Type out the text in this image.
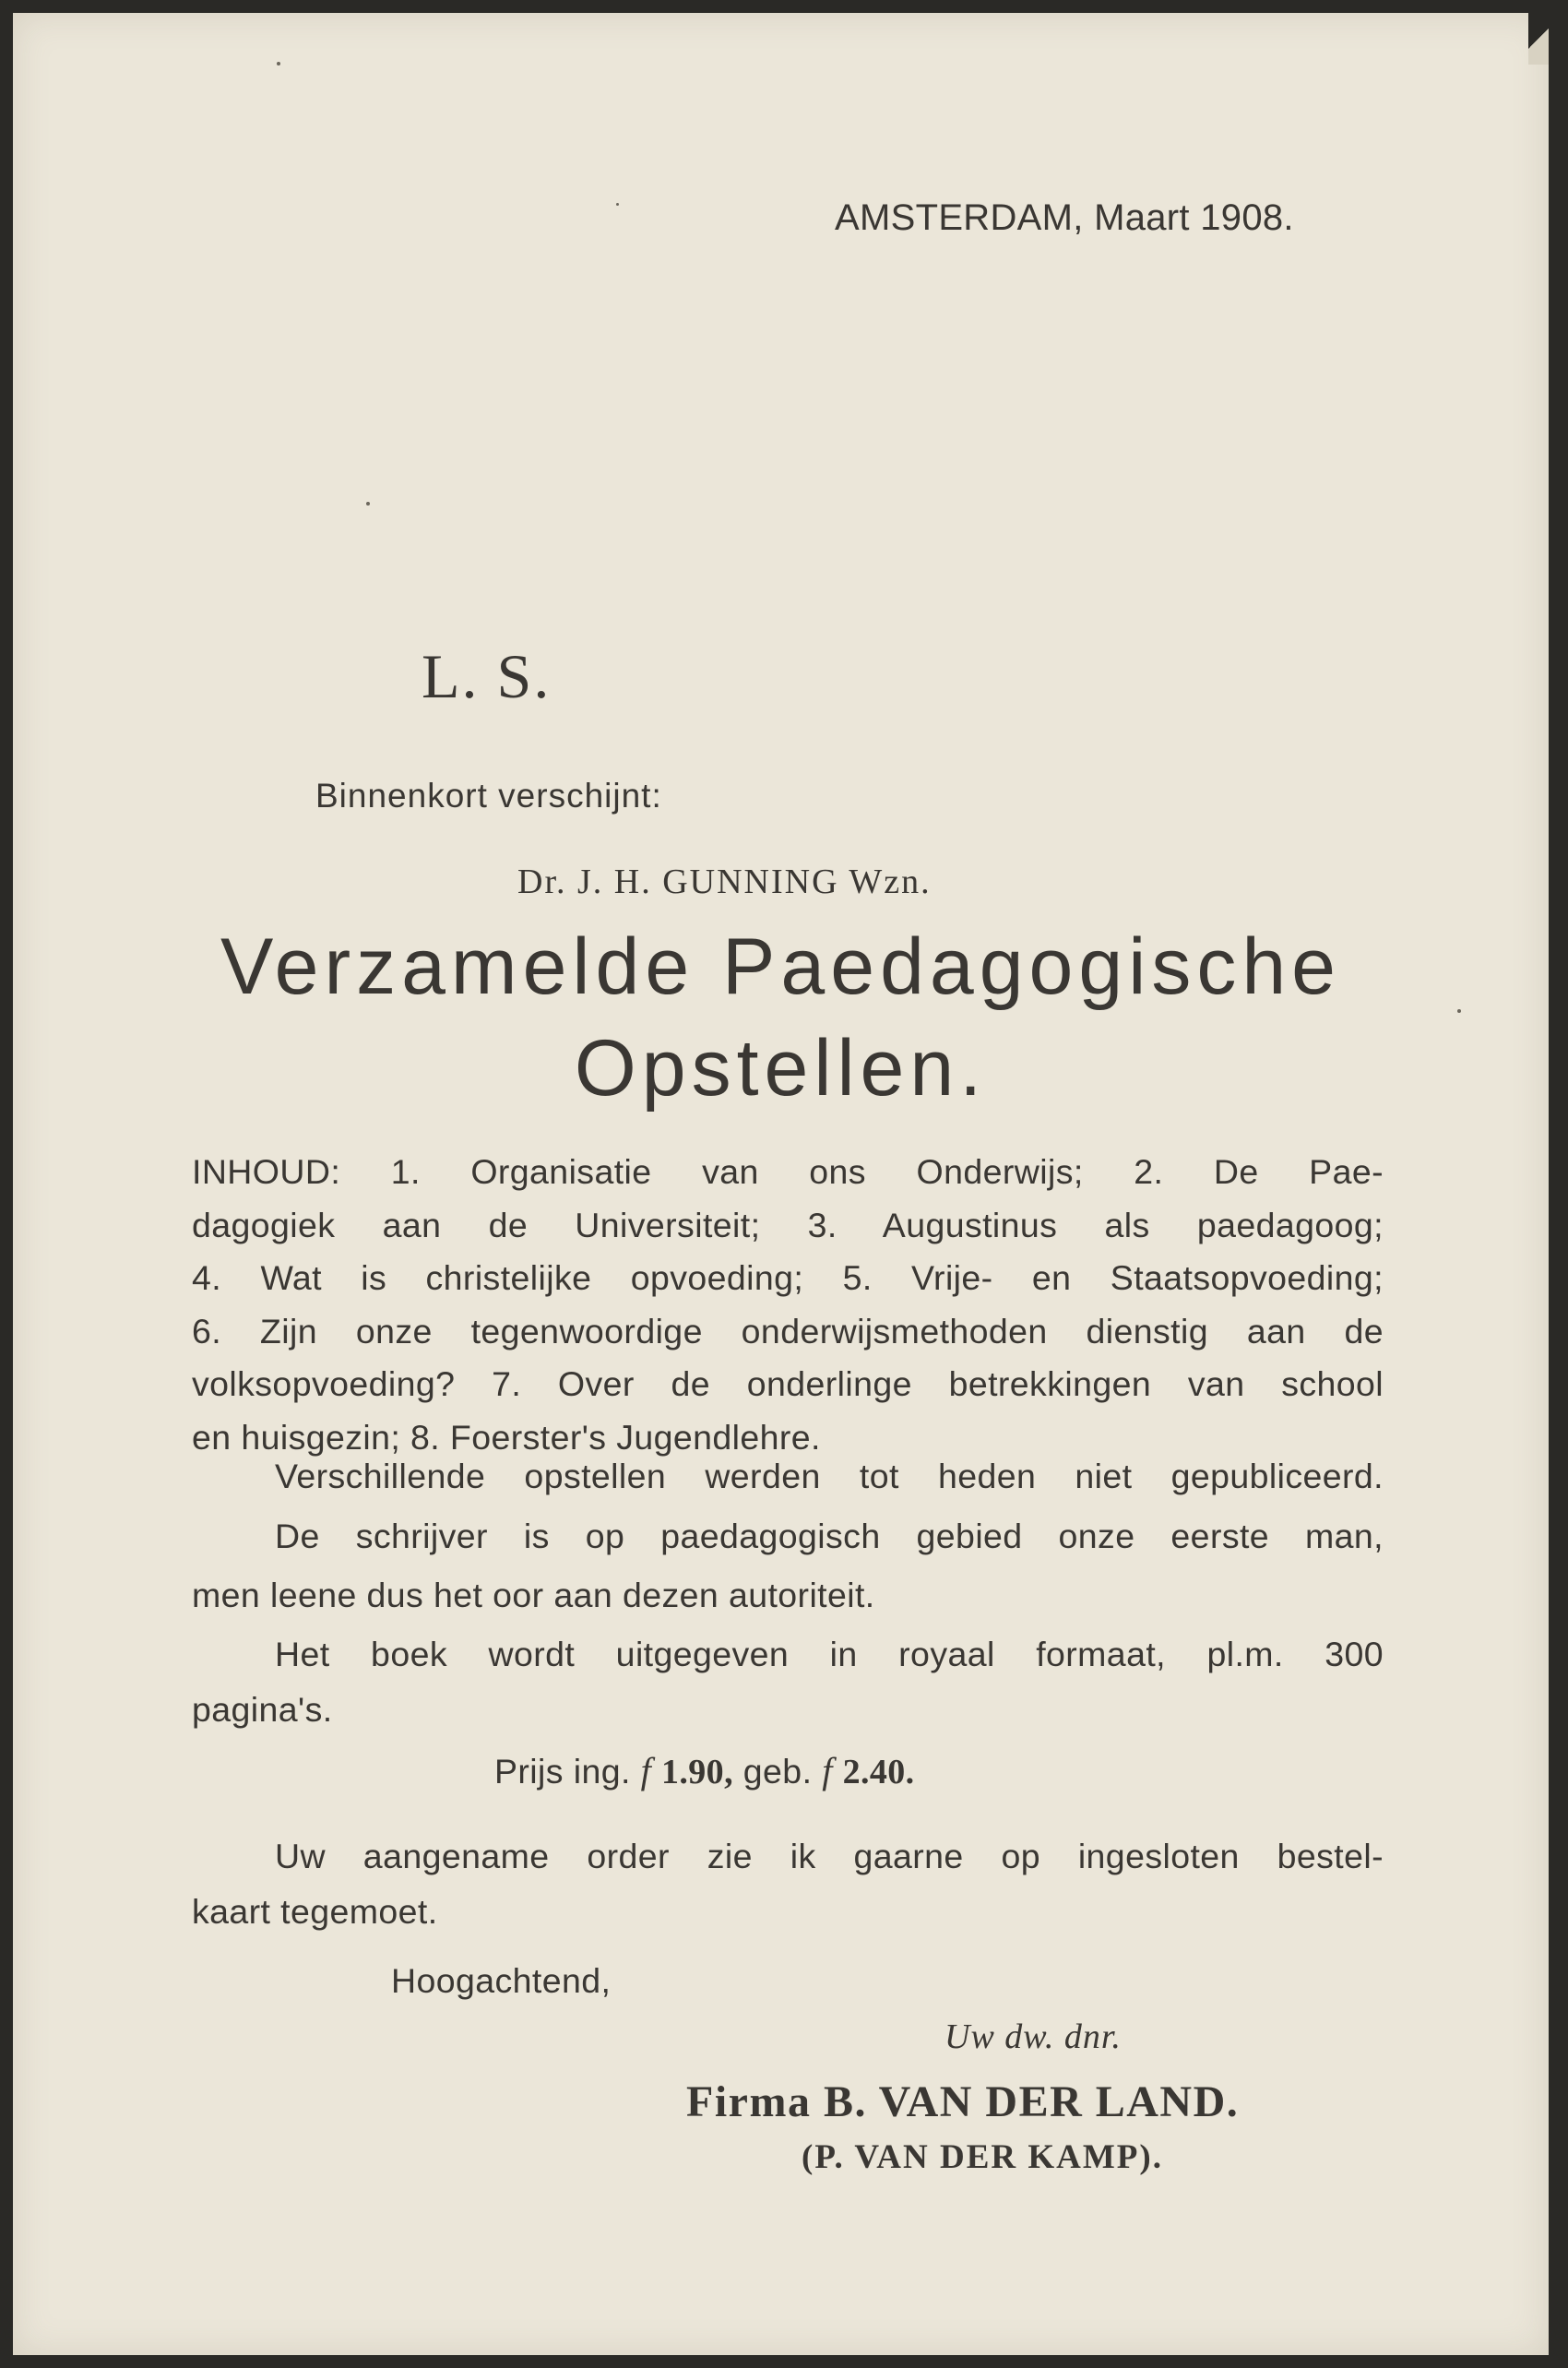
AMSTERDAM, Maart 1908.
L. S.
Binnenkort verschijnt:
Dr. J. H. GUNNING Wzn.
Verzamelde Paedagogische
Opstellen.
INHOUD: 1. Organisatie van ons Onderwijs; 2. De Pae-
dagogiek aan de Universiteit; 3. Augustinus als paedagoog;
4. Wat is christelijke opvoeding; 5. Vrije- en Staatsopvoeding;
6. Zijn onze tegenwoordige onderwijsmethoden dienstig aan de
volksopvoeding? 7. Over de onderlinge betrekkingen van school
en huisgezin; 8. Foerster's Jugendlehre.
Verschillende opstellen werden tot heden niet gepubliceerd.
De schrijver is op paedagogisch gebied onze eerste man,
men leene dus het oor aan dezen autoriteit.
Het boek wordt uitgegeven in royaal formaat, pl.m. 300
pagina's.
Prijs ing. f 1.90, geb. f 2.40.
Uw aangename order zie ik gaarne op ingesloten bestel-
kaart tegemoet.
Hoogachtend,
Uw dw. dnr.
Firma B. VAN DER LAND.
(P. VAN DER KAMP).
